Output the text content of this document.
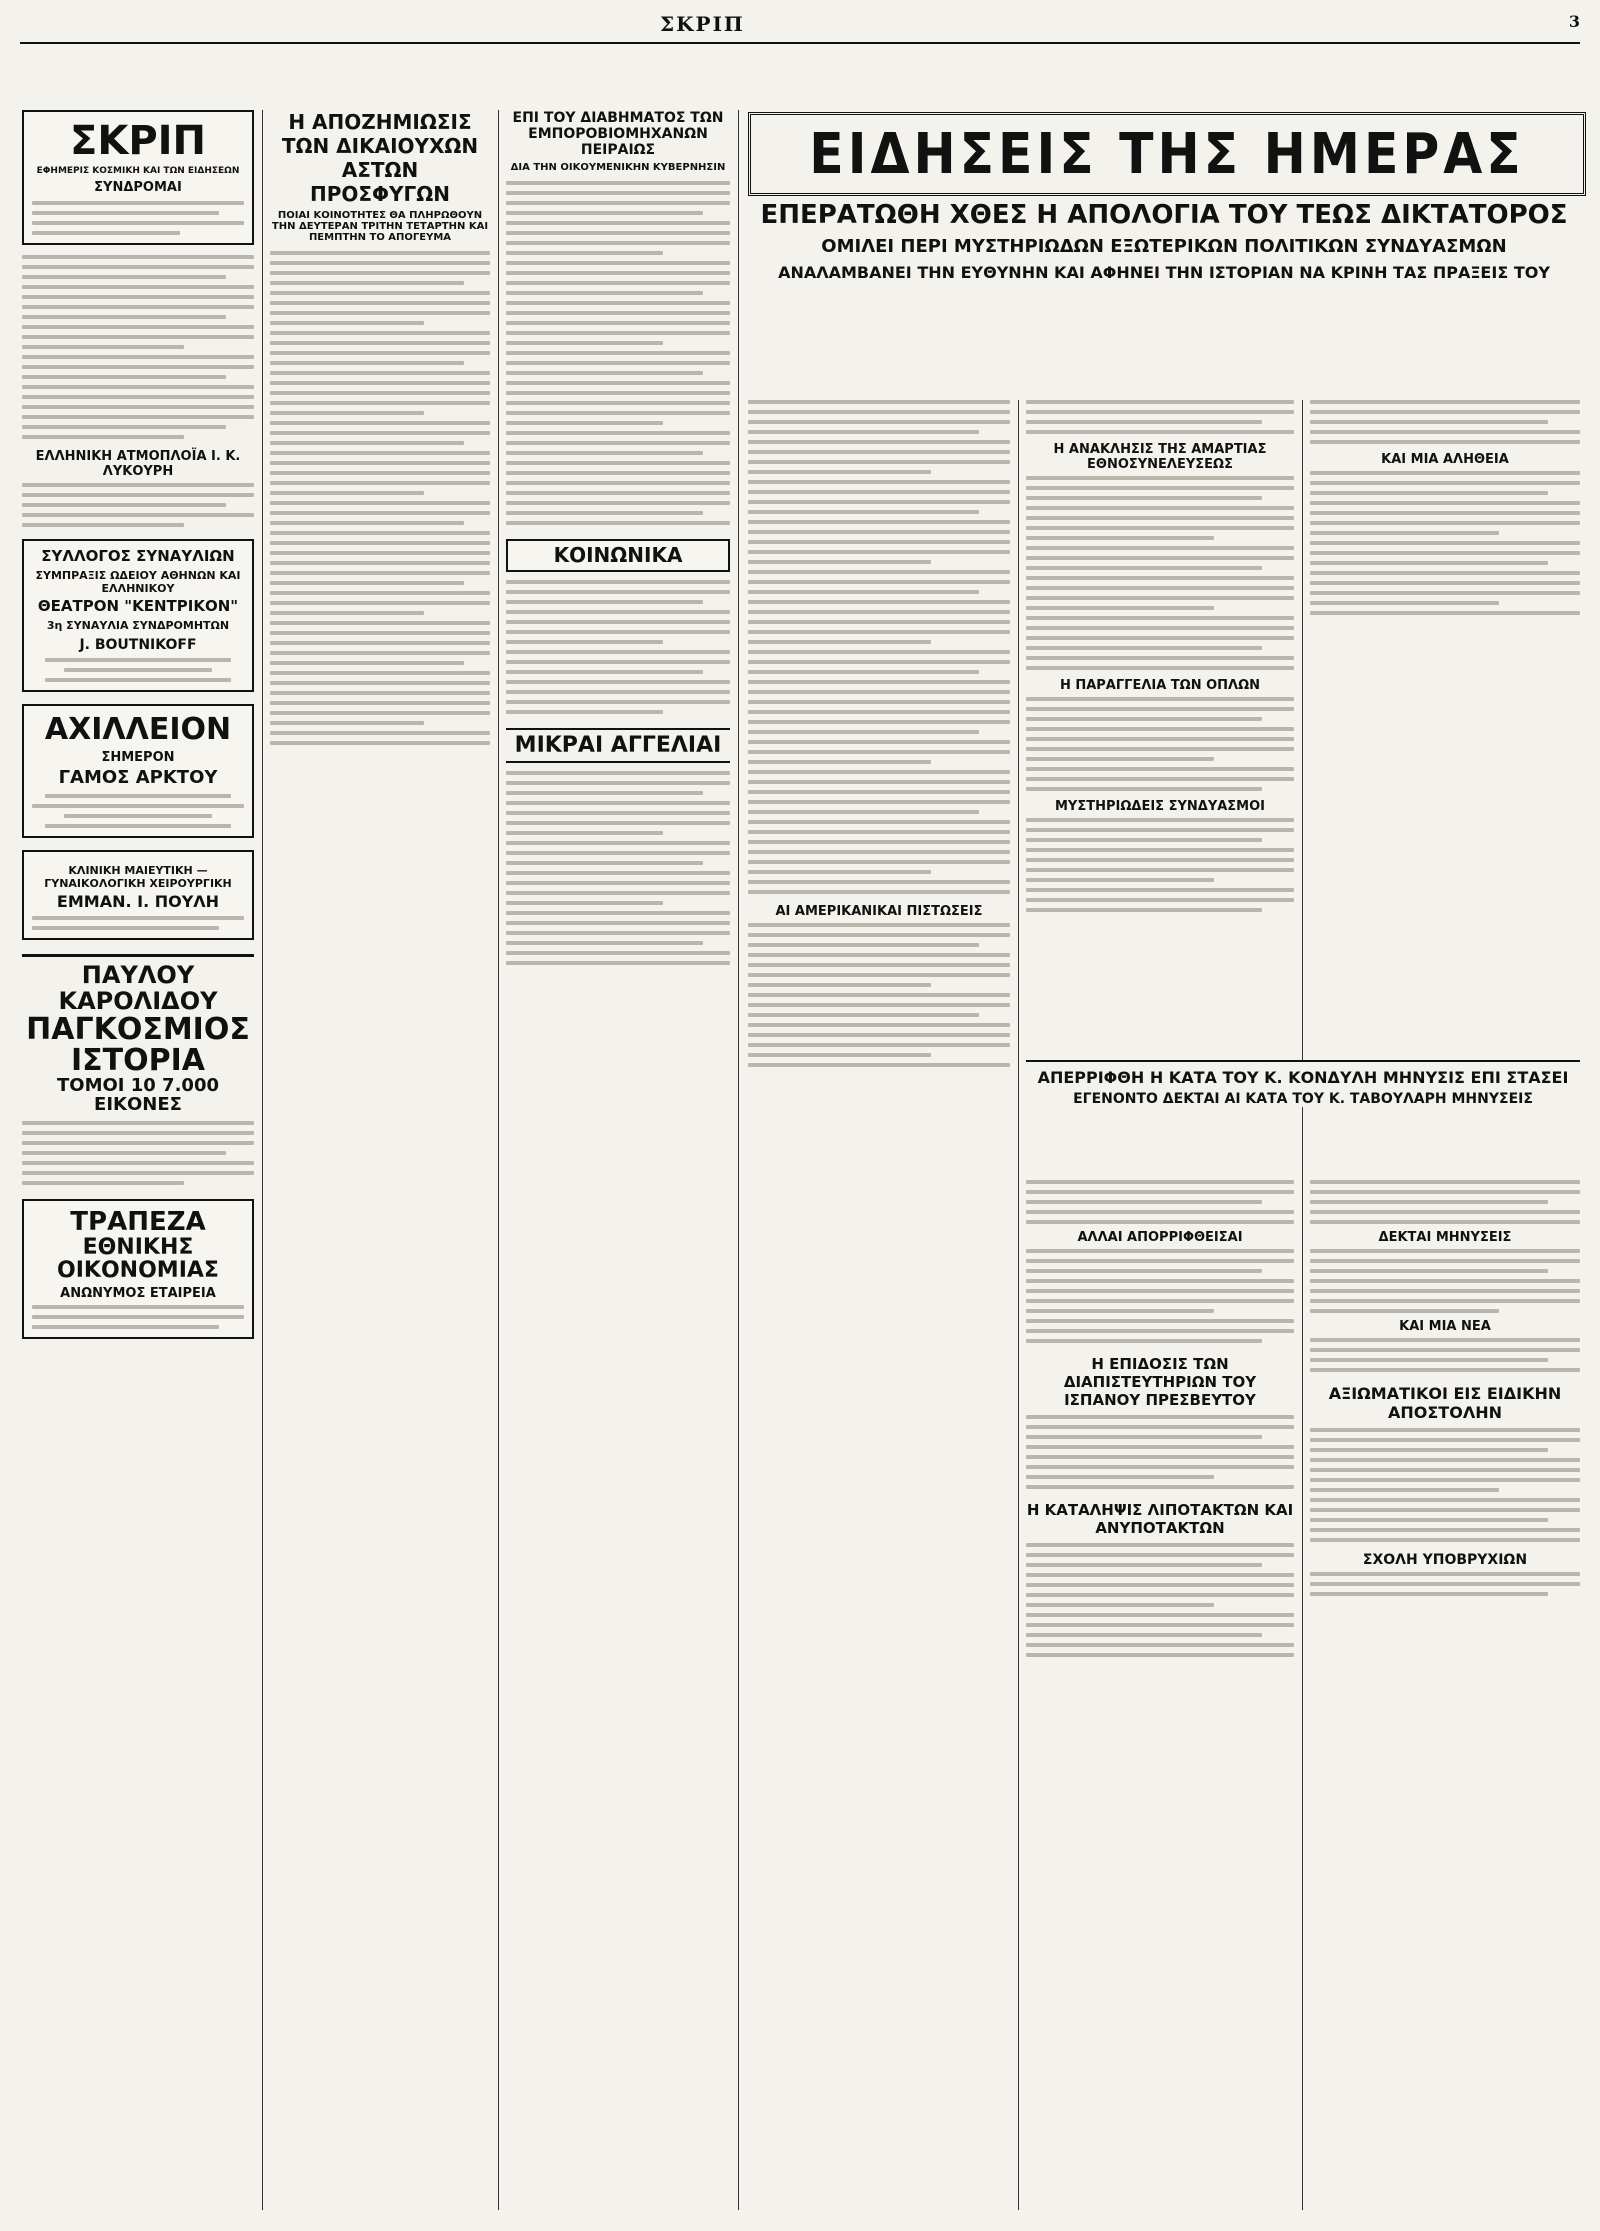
ΣΚΡΙΠ	3
ΣΚΡΙΠ
ΕΦΗΜΕΡΙΣ ΚΟΣΜΙΚΗ ΚΑΙ ΤΩΝ ΕΙΔΗΣΕΩΝ
ΣΥΝΔΡΟΜΑΙ
ΕΛΛΗΝΙΚΗ ΑΤΜΟΠΛΟΪΑ Ι. Κ. ΛΥΚΟΥΡΗ
ΣΥΛΛΟΓΟΣ ΣΥΝΑΥΛΙΩΝ
ΣΥΜΠΡΑΞΙΣ ΩΔΕΙΟΥ ΑΘΗΝΩΝ ΚΑΙ ΕΛΛΗΝΙΚΟΥ
ΘΕΑΤΡΟΝ "ΚΕΝΤΡΙΚΟΝ"
3η ΣΥΝΑΥΛΙΑ ΣΥΝΔΡΟΜΗΤΩΝ
J. BOUTNIKOFF
ΑΧΙΛΛΕΙΟΝ
ΣΗΜΕΡΟΝ
ΓΑΜΟΣ ΑΡΚΤΟΥ
ΚΛΙΝΙΚΗ ΜΑΙΕΥΤΙΚΗ — ΓΥΝΑΙΚΟΛΟΓΙΚΗ ΧΕΙΡΟΥΡΓΙΚΗ
ΕΜΜΑΝ. Ι. ΠΟΥΛΗ
ΠΑΥΛΟΥ ΚΑΡΟΛΙΔΟΥ
ΠΑΓΚΟΣΜΙΟΣ ΙΣΤΟΡΙΑ
ΤΟΜΟΙ 10 7.000 ΕΙΚΟΝΕΣ
ΤΡΑΠΕΖΑ
ΕΘΝΙΚΗΣ ΟΙΚΟΝΟΜΙΑΣ
ΑΝΩΝΥΜΟΣ ΕΤΑΙΡΕΙΑ
Η ΑΠΟΖΗΜΙΩΣΙΣ ΤΩΝ ΔΙΚΑΙΟΥΧΩΝ ΑΣΤΩΝ ΠΡΟΣΦΥΓΩΝ
ΠΟΙΑΙ ΚΟΙΝΟΤΗΤΕΣ ΘΑ ΠΛΗΡΩΘΟΥΝ ΤΗΝ ΔΕΥΤΕΡΑΝ ΤΡΙΤΗΝ ΤΕΤΑΡΤΗΝ ΚΑΙ ΠΕΜΠΤΗΝ ΤΟ ΑΠΟΓΕΥΜΑ
ΕΠΙ ΤΟΥ ΔΙΑΒΗΜΑΤΟΣ ΤΩΝ ΕΜΠΟΡΟΒΙΟΜΗΧΑΝΩΝ ΠΕΙΡΑΙΩΣ
ΔΙΑ ΤΗΝ ΟΙΚΟΥΜΕΝΙΚΗΝ ΚΥΒΕΡΝΗΣΙΝ
ΚΟΙΝΩΝΙΚΑ
ΜΙΚΡΑΙ ΑΓΓΕΛΙΑΙ
ΕΙΔΗΣΕΙΣ ΤΗΣ ΗΜΕΡΑΣ
ΕΠΕΡΑΤΩΘΗ ΧΘΕΣ Η ΑΠΟΛΟΓΙΑ ΤΟΥ ΤΕΩΣ ΔΙΚΤΑΤΟΡΟΣ
ΟΜΙΛΕΙ ΠΕΡΙ ΜΥΣΤΗΡΙΩΔΩΝ ΕΞΩΤΕΡΙΚΩΝ ΠΟΛΙΤΙΚΩΝ ΣΥΝΔΥΑΣΜΩΝ
ΑΝΑΛΑΜΒΑΝΕΙ ΤΗΝ ΕΥΘΥΝΗΝ ΚΑΙ ΑΦΗΝΕΙ ΤΗΝ ΙΣΤΟΡΙΑΝ ΝΑ ΚΡΙΝΗ ΤΑΣ ΠΡΑΞΕΙΣ ΤΟΥ
ΑΙ ΑΜΕΡΙΚΑΝΙΚΑΙ ΠΙΣΤΩΣΕΙΣ
Η ΑΝΑΚΛΗΣΙΣ ΤΗΣ ΑΜΑΡΤΙΑΣ ΕΘΝΟΣΥΝΕΛΕΥΣΕΩΣ
Η ΠΑΡΑΓΓΕΛΙΑ ΤΩΝ ΟΠΛΩΝ
ΜΥΣΤΗΡΙΩΔΕΙΣ ΣΥΝΔΥΑΣΜΟΙ
ΚΑΙ ΜΙΑ ΑΛΗΘΕΙΑ
ΑΠΕΡΡΙΦΘΗ Η ΚΑΤΑ ΤΟΥ Κ. ΚΟΝΔΥΛΗ ΜΗΝΥΣΙΣ ΕΠΙ ΣΤΑΣΕΙ
ΕΓΕΝΟΝΤΟ ΔΕΚΤΑΙ ΑΙ ΚΑΤΑ ΤΟΥ Κ. ΤΑΒΟΥΛΑΡΗ ΜΗΝΥΣΕΙΣ
ΑΛΛΑΙ ΑΠΟΡΡΙΦΘΕΙΣΑΙ
Η ΕΠΙΔΟΣΙΣ ΤΩΝ ΔΙΑΠΙΣΤΕΥΤΗΡΙΩΝ ΤΟΥ ΙΣΠΑΝΟΥ ΠΡΕΣΒΕΥΤΟΥ
Η ΚΑΤΑΛΗΨΙΣ ΛΙΠΟΤΑΚΤΩΝ ΚΑΙ ΑΝΥΠΟΤΑΚΤΩΝ
ΔΕΚΤΑΙ ΜΗΝΥΣΕΙΣ
ΚΑΙ ΜΙΑ ΝΕΑ
ΑΞΙΩΜΑΤΙΚΟΙ ΕΙΣ ΕΙΔΙΚΗΝ ΑΠΟΣΤΟΛΗΝ
ΣΧΟΛΗ ΥΠΟΒΡΥΧΙΩΝ
